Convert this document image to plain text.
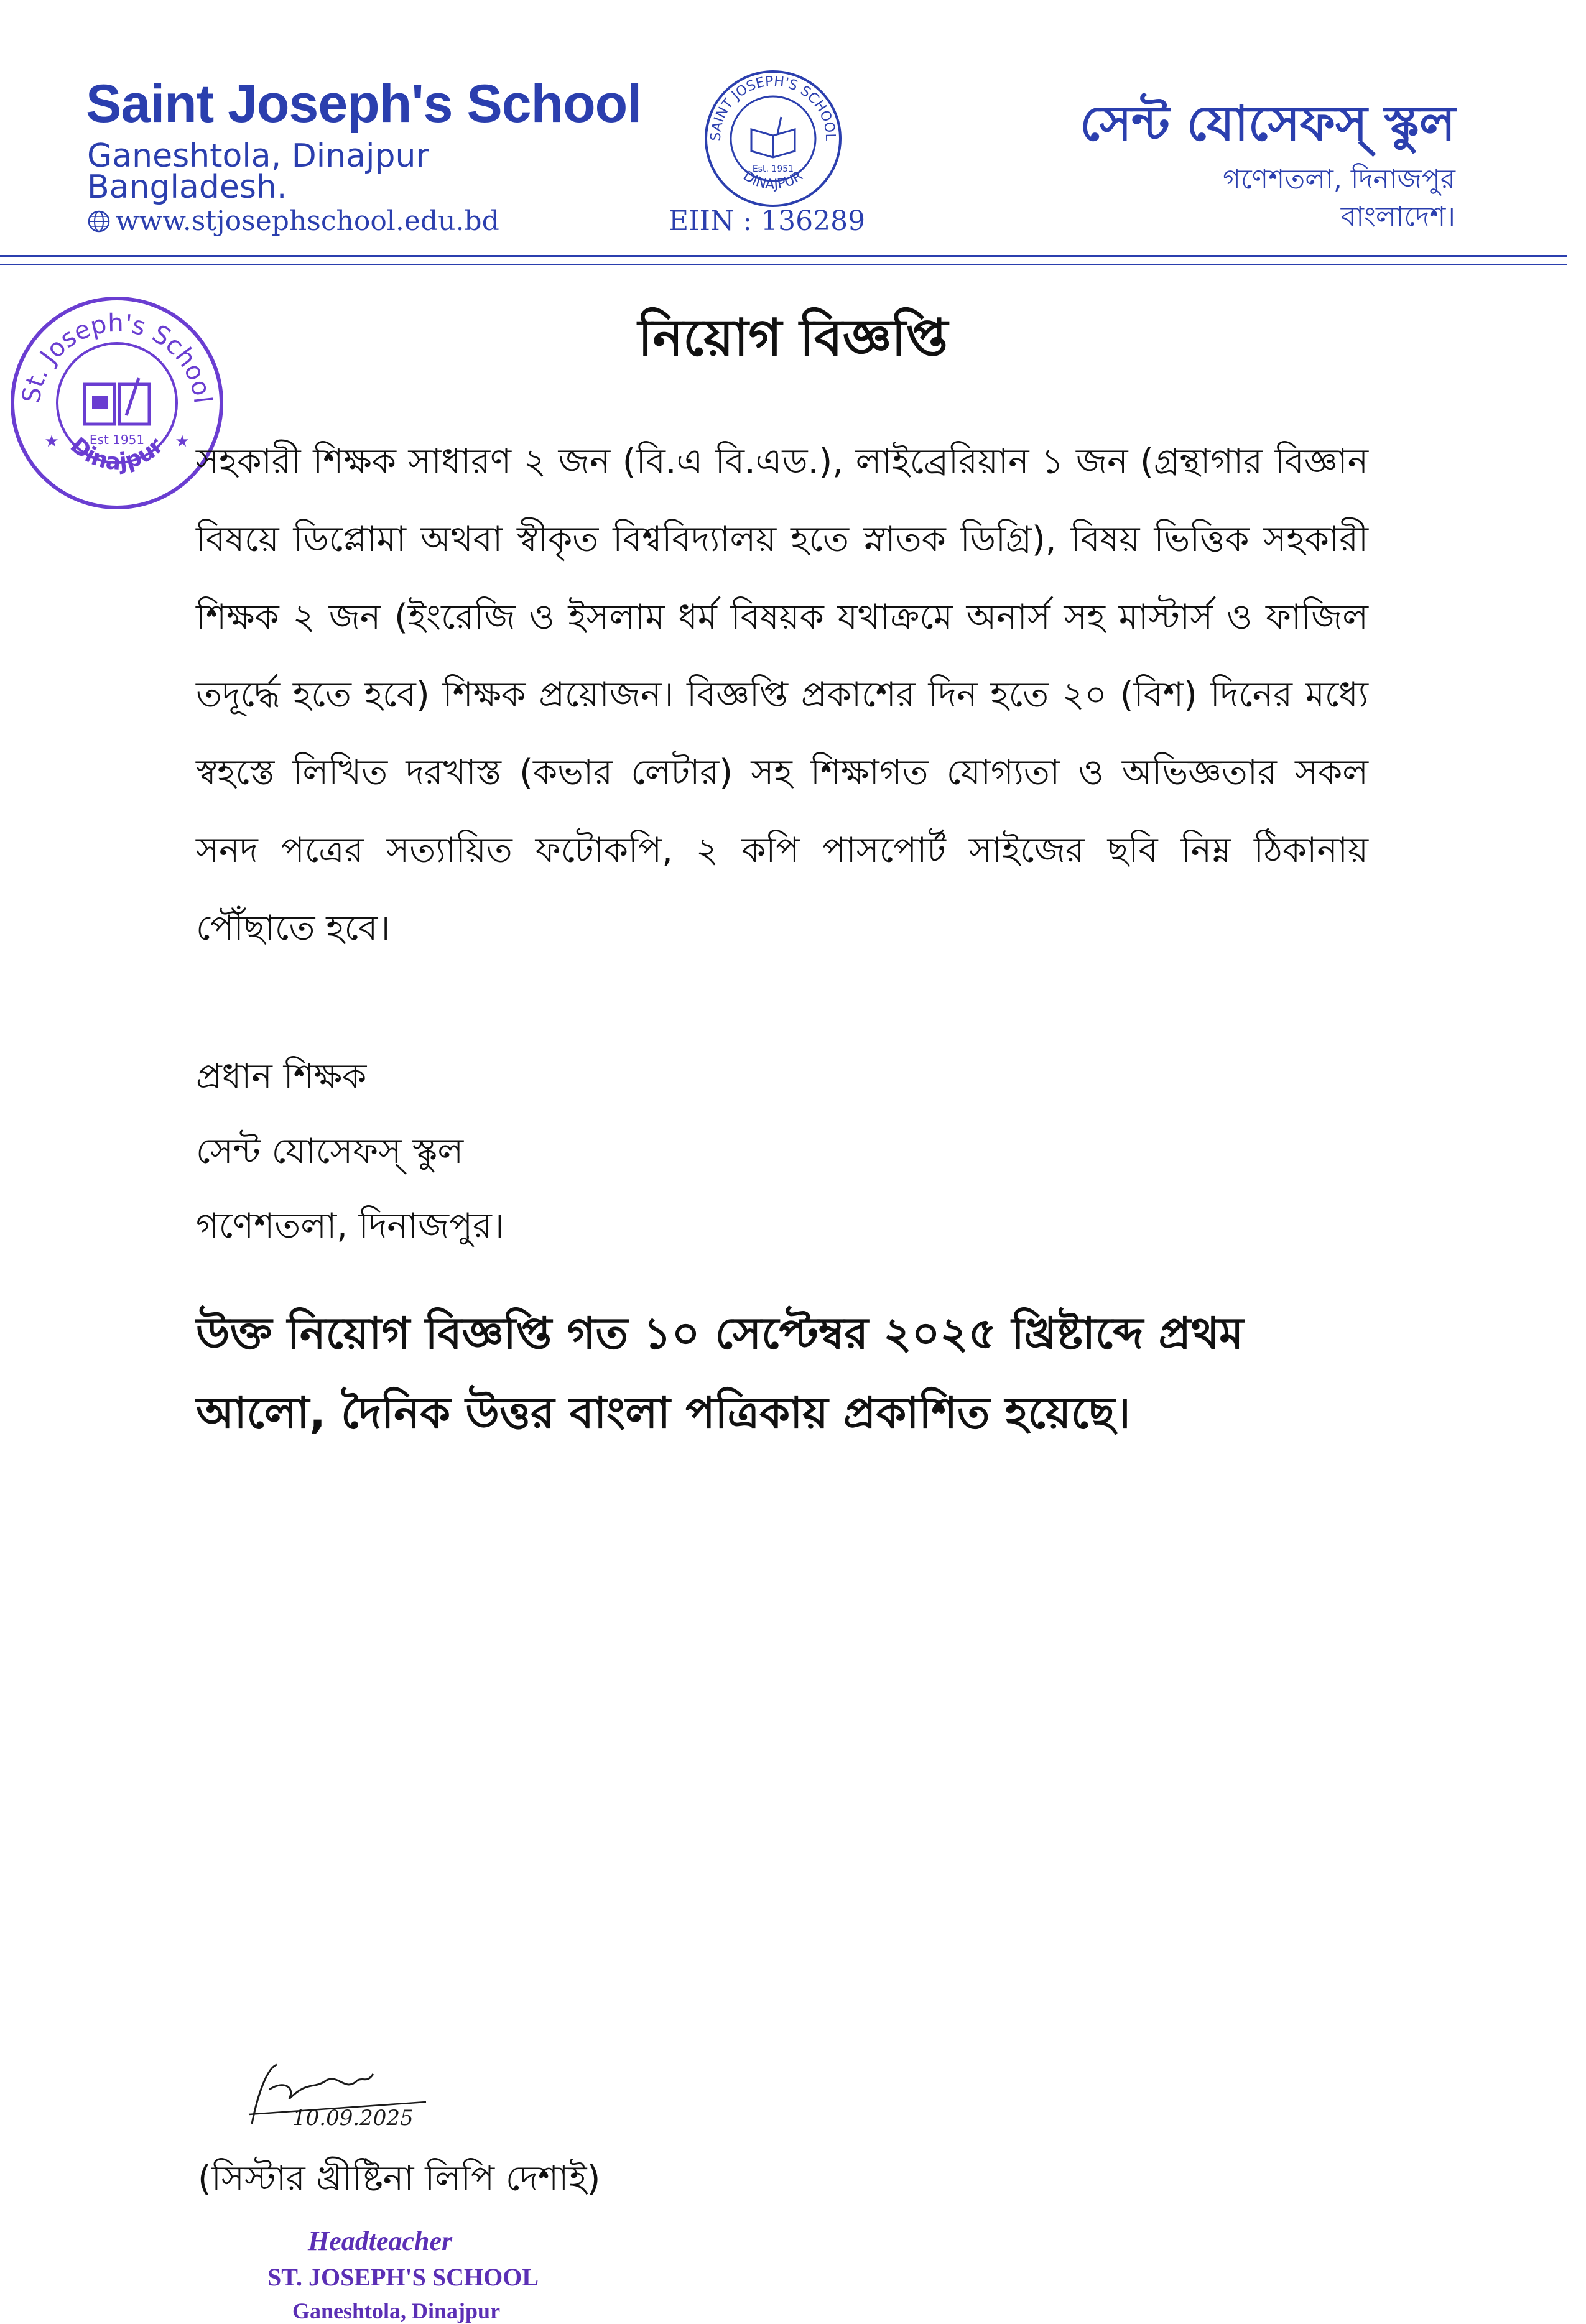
Saint Joseph's School
Ganeshtola, Dinajpur
Bangladesh.
www.stjosephschool.edu.bd
SAINT JOSEPH'S SCHOOL
DINAJPUR
Est. 1951
EIIN : 136289
সেন্ট যোসেফস্ স্কুল
গণেশতলা, দিনাজপুর
বাংলাদেশ।
St. Joseph's School
Dinajpur
Est 1951
★	★
নিয়োগ বিজ্ঞপ্তি
সহকারী শিক্ষক সাধারণ ২ জন (বি.এ বি.এড.), লাইব্রেরিয়ান ১ জন (গ্রন্থাগার বিজ্ঞান বিষয়ে ডিপ্লোমা অথবা স্বীকৃত বিশ্ববিদ্যালয় হতে স্নাতক ডিগ্রি), বিষয় ভিত্তিক সহকারী শিক্ষক ২ জন (ইংরেজি ও ইসলাম ধর্ম বিষয়ক যথাক্রমে অনার্স সহ মাস্টার্স ও ফাজিল তদূর্দ্ধে হতে হবে) শিক্ষক প্রয়োজন। বিজ্ঞপ্তি প্রকাশের দিন হতে ২০ (বিশ) দিনের মধ্যে স্বহস্তে লিখিত দরখাস্ত (কভার লেটার) সহ শিক্ষাগত যোগ্যতা ও অভিজ্ঞতার সকল সনদ পত্রের সত্যায়িত ফটোকপি, ২ কপি পাসপোর্ট সাইজের ছবি নিম্ন ঠিকানায় পৌঁছাতে হবে।
প্রধান শিক্ষক
সেন্ট যোসেফস্ স্কুল
গণেশতলা, দিনাজপুর।
উক্ত নিয়োগ বিজ্ঞপ্তি গত ১০ সেপ্টেম্বর ২০২৫ খ্রিষ্টাব্দে প্রথম আলো, দৈনিক উত্তর বাংলা পত্রিকায় প্রকাশিত হয়েছে।
10.09.2025
(সিস্টার খ্রীষ্টিনা লিপি দেশাই)
Headteacher
ST. JOSEPH'S SCHOOL
Ganeshtola, Dinajpur
